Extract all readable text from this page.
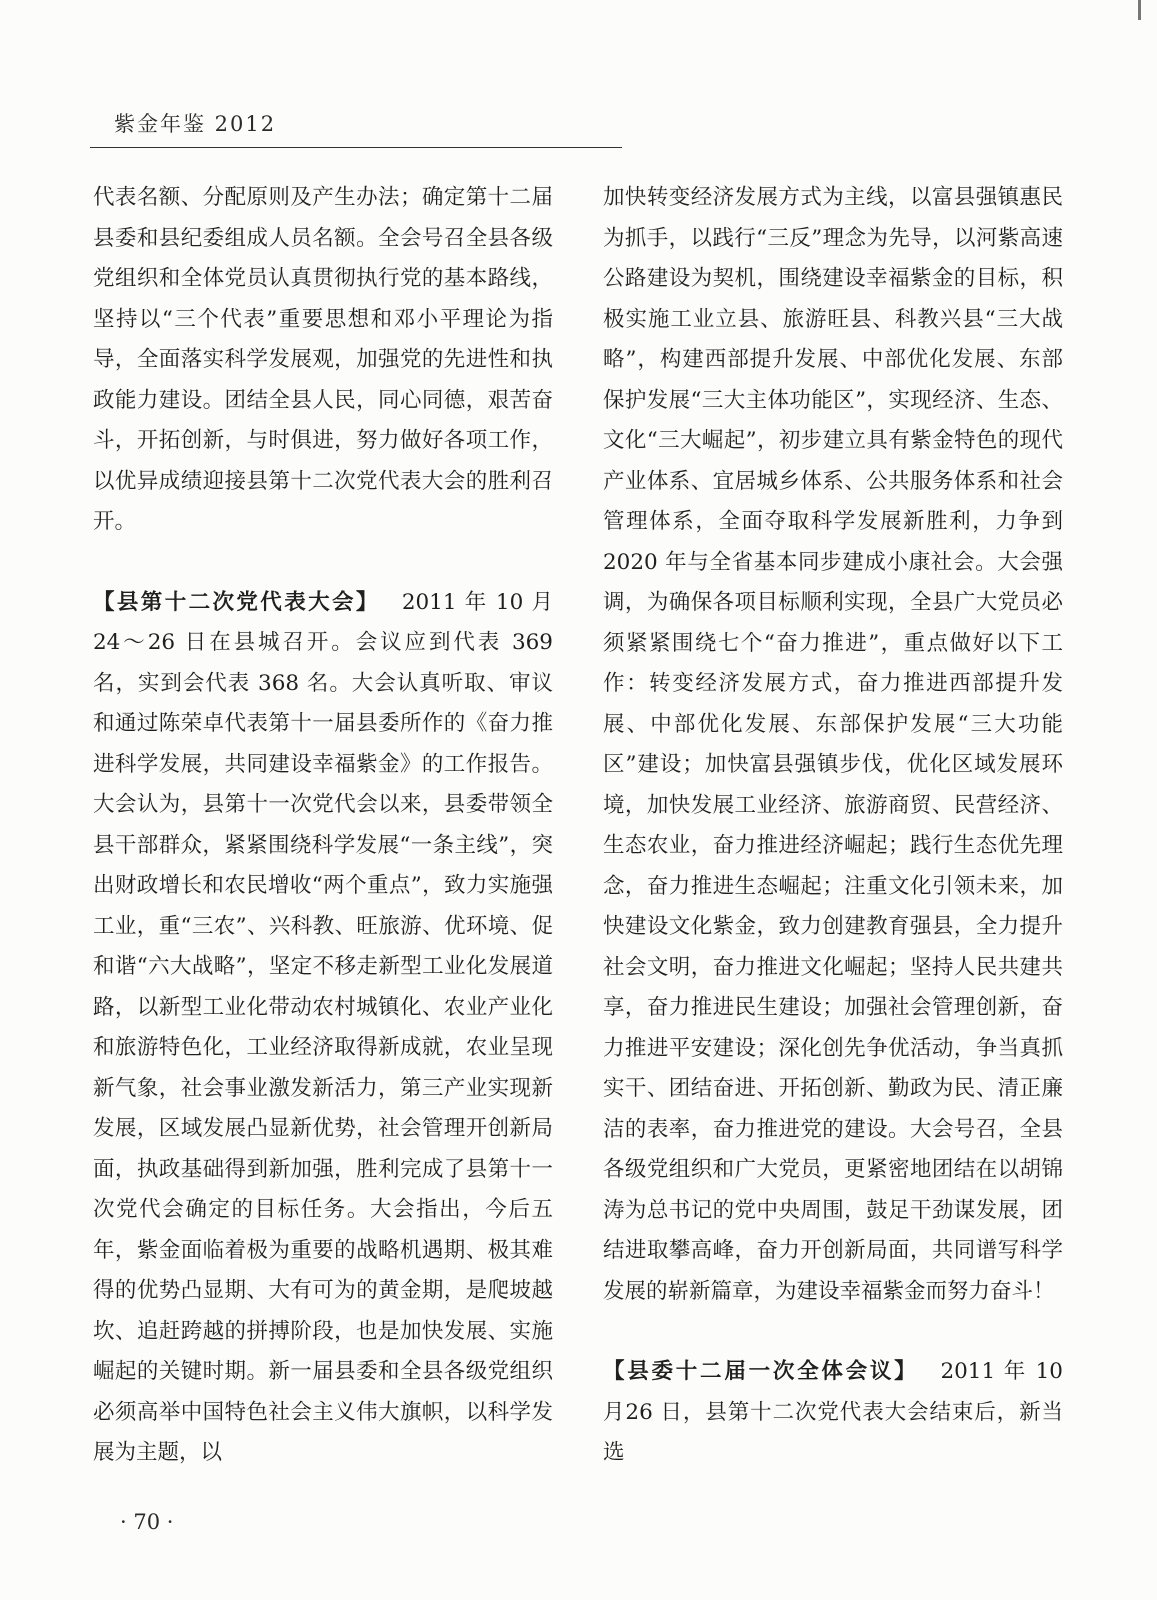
紫金年鉴 2012

代表名额、分配原则及产生办法；确定第十二届县委和县纪委组成人员名额。全会号召全县各级党组织和全体党员认真贯彻执行党的基本路线，坚持以“三个代表”重要思想和邓小平理论为指导，全面落实科学发展观，加强党的先进性和执政能力建设。团结全县人民，同心同德，艰苦奋斗，开拓创新，与时俱进，努力做好各项工作，以优异成绩迎接县第十二次党代表大会的胜利召开。

【县第十二次党代表大会】 2011 年 10 月 24～26 日在县城召开。会议应到代表 369 名，实到会代表 368 名。大会认真听取、审议和通过陈荣卓代表第十一届县委所作的《奋力推进科学发展，共同建设幸福紫金》的工作报告。大会认为，县第十一次党代会以来，县委带领全县干部群众，紧紧围绕科学发展“一条主线”，突出财政增长和农民增收“两个重点”，致力实施强工业，重“三农”、兴科教、旺旅游、优环境、促和谐“六大战略”，坚定不移走新型工业化发展道路，以新型工业化带动农村城镇化、农业产业化和旅游特色化，工业经济取得新成就，农业呈现新气象，社会事业激发新活力，第三产业实现新发展，区域发展凸显新优势，社会管理开创新局面，执政基础得到新加强，胜利完成了县第十一次党代会确定的目标任务。大会指出，今后五年，紫金面临着极为重要的战略机遇期、极其难得的优势凸显期、大有可为的黄金期，是爬坡越坎、追赶跨越的拼搏阶段，也是加快发展、实施崛起的关键时期。新一届县委和全县各级党组织必须高举中国特色社会主义伟大旗帜，以科学发展为主题，以

加快转变经济发展方式为主线，以富县强镇惠民为抓手，以践行“三反”理念为先导，以河紫高速公路建设为契机，围绕建设幸福紫金的目标，积极实施工业立县、旅游旺县、科教兴县“三大战略”，构建西部提升发展、中部优化发展、东部保护发展“三大主体功能区”，实现经济、生态、文化“三大崛起”，初步建立具有紫金特色的现代产业体系、宜居城乡体系、公共服务体系和社会管理体系，全面夺取科学发展新胜利，力争到 2020 年与全省基本同步建成小康社会。大会强调，为确保各项目标顺利实现，全县广大党员必须紧紧围绕七个“奋力推进”，重点做好以下工作：转变经济发展方式，奋力推进西部提升发展、中部优化发展、东部保护发展“三大功能区”建设；加快富县强镇步伐，优化区域发展环境，加快发展工业经济、旅游商贸、民营经济、生态农业，奋力推进经济崛起；践行生态优先理念，奋力推进生态崛起；注重文化引领未来，加快建设文化紫金，致力创建教育强县，全力提升社会文明，奋力推进文化崛起；坚持人民共建共享，奋力推进民生建设；加强社会管理创新，奋力推进平安建设；深化创先争优活动，争当真抓实干、团结奋进、开拓创新、勤政为民、清正廉洁的表率，奋力推进党的建设。大会号召，全县各级党组织和广大党员，更紧密地团结在以胡锦涛为总书记的党中央周围，鼓足干劲谋发展，团结进取攀高峰，奋力开创新局面，共同谱写科学发展的崭新篇章，为建设幸福紫金而努力奋斗！

【县委十二届一次全体会议】 2011 年 10 月26 日，县第十二次党代表大会结束后，新当选

· 70 ·
